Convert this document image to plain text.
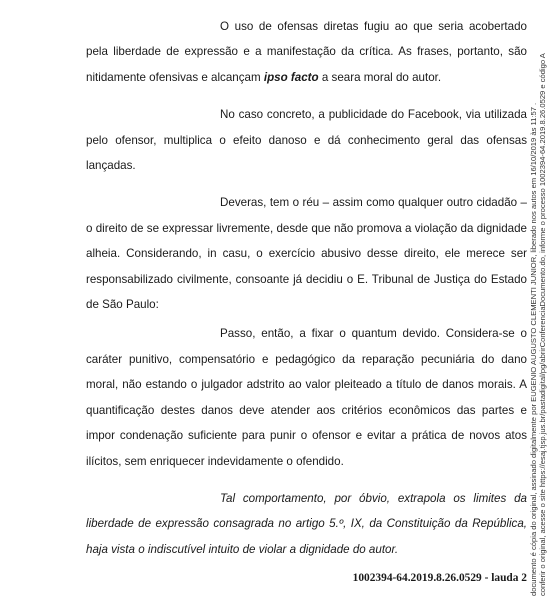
O uso de ofensas diretas fugiu ao que seria acobertado pela liberdade de expressão e a manifestação da crítica. As frases, portanto, são nitidamente ofensivas e alcançam ipso facto a seara moral do autor.

No caso concreto, a publicidade do Facebook, via utilizada pelo ofensor, multiplica o efeito danoso e dá conhecimento geral das ofensas lançadas.

Deveras, tem o réu – assim como qualquer outro cidadão – o direito de se expressar livremente, desde que não promova a violação da dignidade alheia. Considerando, in casu, o exercício abusivo desse direito, ele merece ser responsabilizado civilmente, consoante já decidiu o E. Tribunal de Justiça do Estado de São Paulo:

Passo, então, a fixar o quantum devido. Considera-se o caráter punitivo, compensatório e pedagógico da reparação pecuniária do dano moral, não estando o julgador adstrito ao valor pleiteado a título de danos morais. A quantificação destes danos deve atender aos critérios econômicos das partes e impor condenação suficiente para punir o ofensor e evitar a prática de novos atos ilícitos, sem enriquecer indevidamente o ofendido.

Tal comportamento, por óbvio, extrapola os limites da liberdade de expressão consagrada no artigo 5.º, IX, da Constituição da República, haja vista o indiscutível intuito de violar a dignidade do autor.

1002394-64.2019.8.26.0529 - lauda 2 documento é cópia do original, assinado digitalmente por EUGENIO AUGUSTO CLEMENTI JUNIOR, liberado nos autos em 16/10/2019 às 11:57 . conferir o original, acesse o site https://esaj.tjsp.jus.br/pastadigital/pg/abrirConferenciaDocumento.do, informe o processo 1002394-64.2019.8.26.0529 e código A
